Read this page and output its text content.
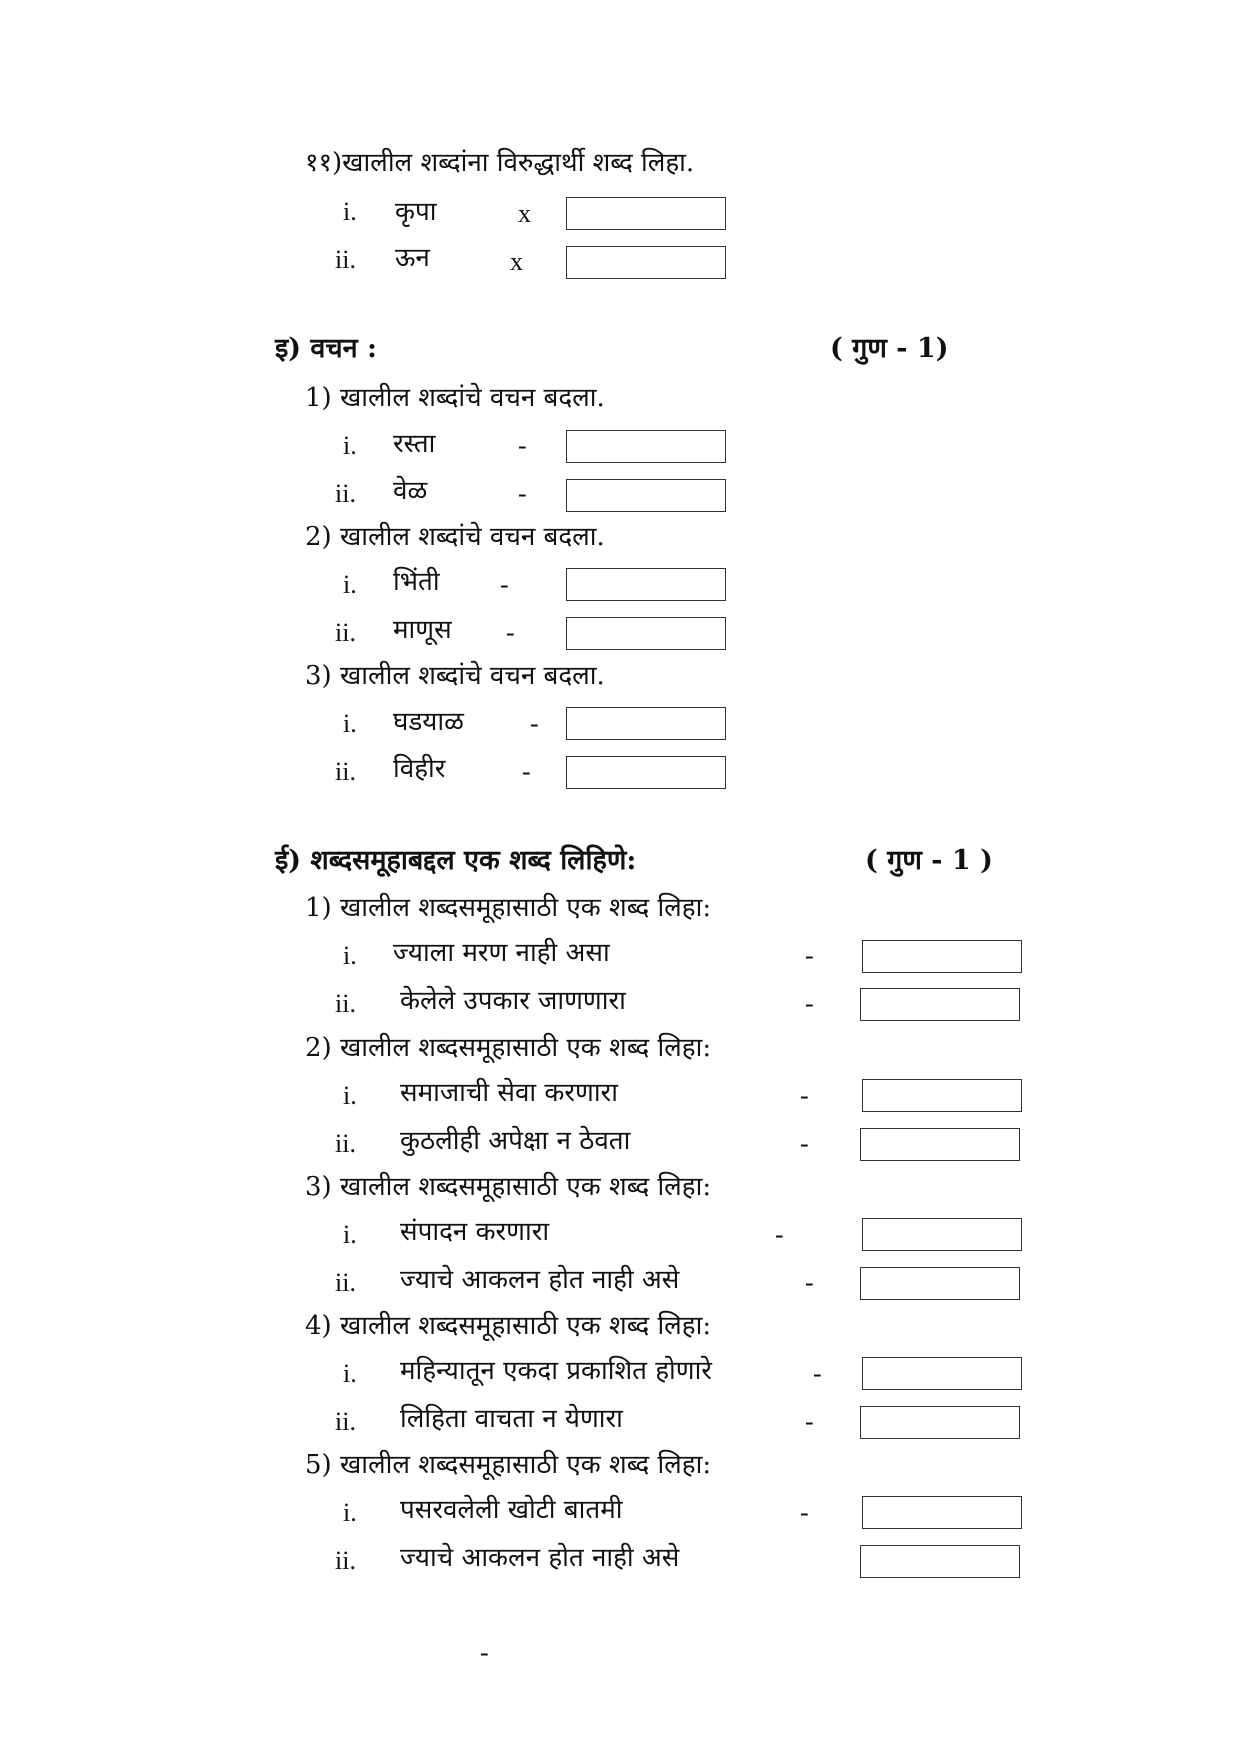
११)खालील शब्दांना विरुद्धार्थी शब्द लिहा.
i. कृपा	x
ii. ऊन	x
इ) वचन :	( गुण - 1)
1) खालील शब्दांचे वचन बदला.
i. रस्ता	-
ii. वेळ	-
2) खालील शब्दांचे वचन बदला.
i. भिंती -
ii. माणूस -
3) खालील शब्दांचे वचन बदला.
i. घडयाळ	-
ii. विहीर	-
ई) शब्दसमूहाबद्दल एक शब्द लिहिणे:	( गुण - 1 )
1) खालील शब्दसमूहासाठी एक शब्द लिहा:
i. ज्याला मरण नाही असा	-
ii. केलेले उपकार जाणणारा	-
2) खालील शब्दसमूहासाठी एक शब्द लिहा:
i. समाजाची सेवा करणारा	-
ii. कुठलीही अपेक्षा न ठेवता	-
3) खालील शब्दसमूहासाठी एक शब्द लिहा:
i. संपादन करणारा	-
ii. ज्याचे आकलन होत नाही असे	-
4) खालील शब्दसमूहासाठी एक शब्द लिहा:
i. महिन्यातून एकदा प्रकाशित होणारे	-
ii. लिहिता वाचता न येणारा	-
5) खालील शब्दसमूहासाठी एक शब्द लिहा:
i. पसरवलेली खोटी बातमी	-
ii. ज्याचे आकलन होत नाही असे
-
